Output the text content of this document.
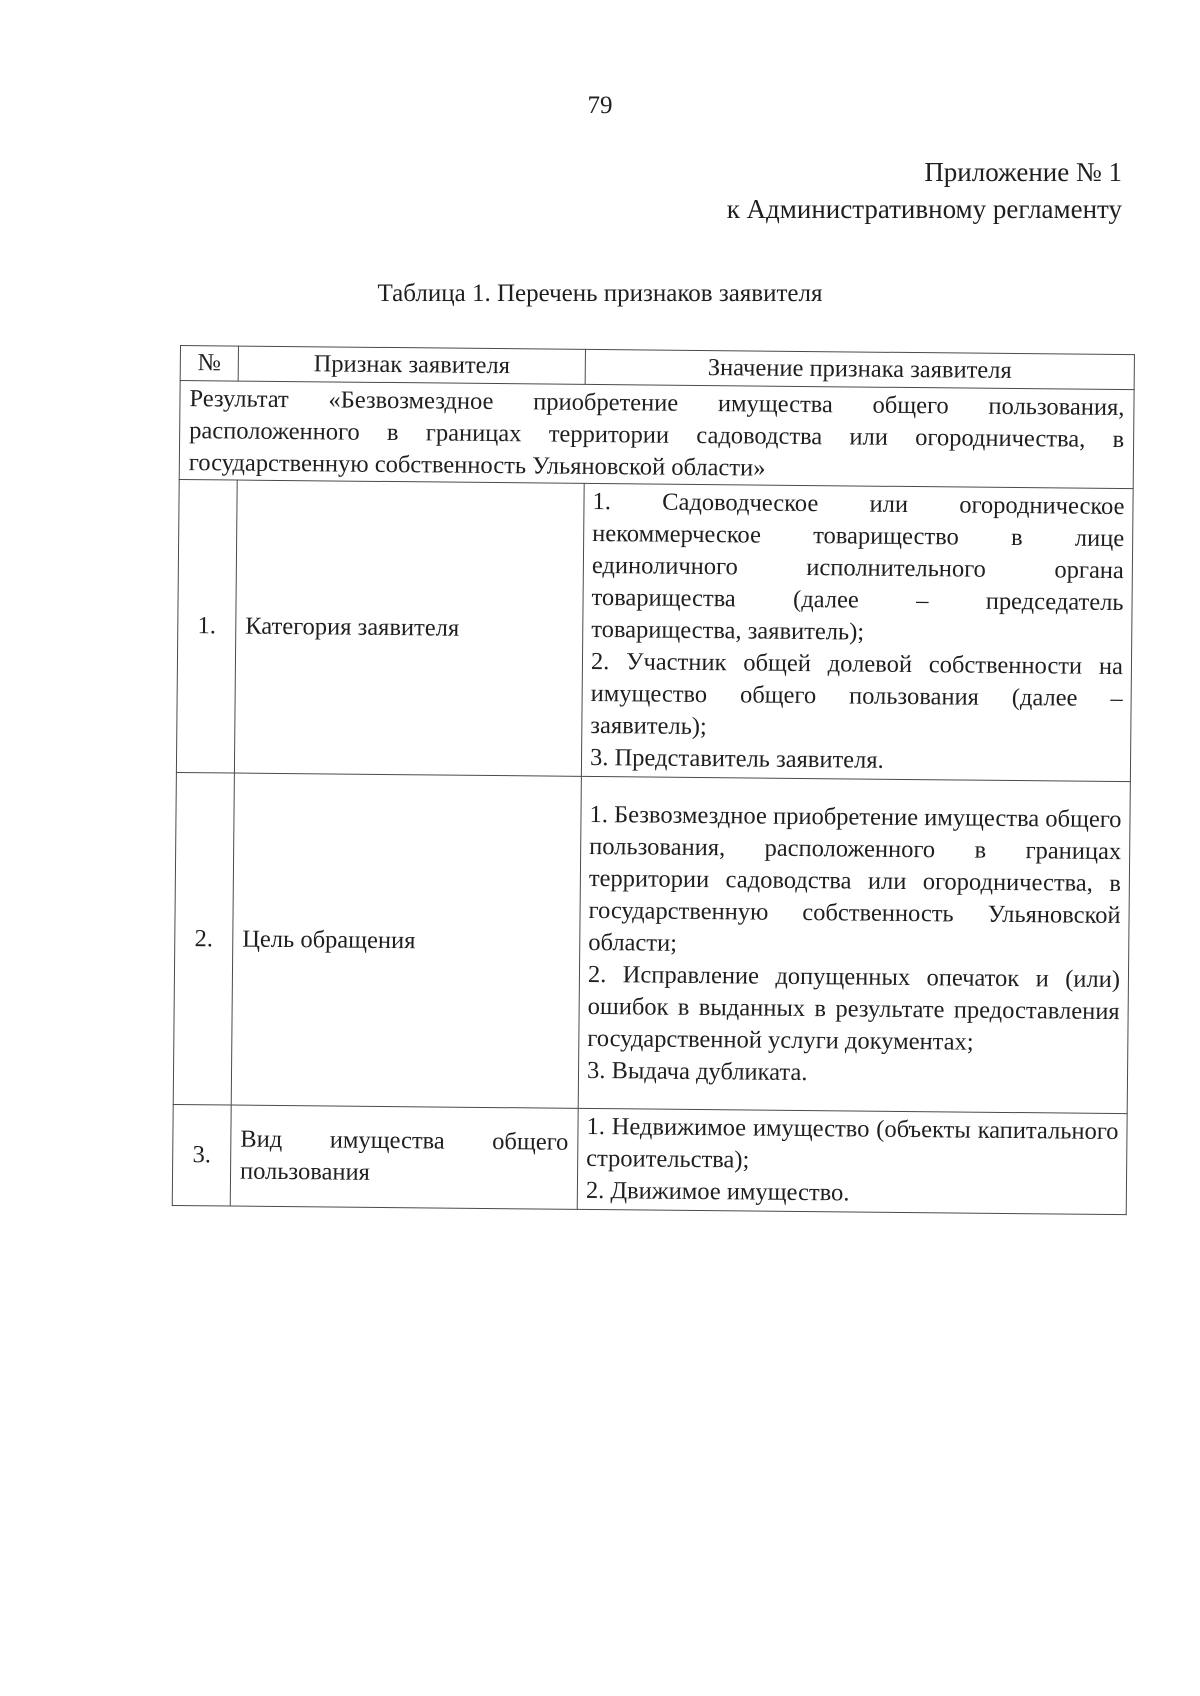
79
Приложение № 1
к Административному регламенту
Таблица 1. Перечень признаков заявителя
№	Признак заявителя	Значение признака заявителя
Результат «Безвозмездное приобретение имущества общего пользования, расположенного в границах территории садоводства или огородничества, в государственную собственность Ульяновской области»		
1.	Категория заявителя	1. Садоводческое или огородническое некоммерческое товарищество в лице единоличного исполнительного органа товарищества (далее – председатель товарищества, заявитель);
2. Участник общей долевой собственности на имущество общего пользования (далее – заявитель);
3. Представитель заявителя.

2.	Цель обращения	1. Безвозмездное приобретение имущества общего пользования, расположенного в границах территории садоводства или огородничества, в государственную собственность Ульяновской области;
2. Исправление допущенных опечаток и (или) ошибок в выданных в результате предоставления государственной услуги документах;
3. Выдача дубликата.

3.	Вид имущества общего пользования	1. Недвижимое имущество (объекты капитального строительства);
2. Движимое имущество.
